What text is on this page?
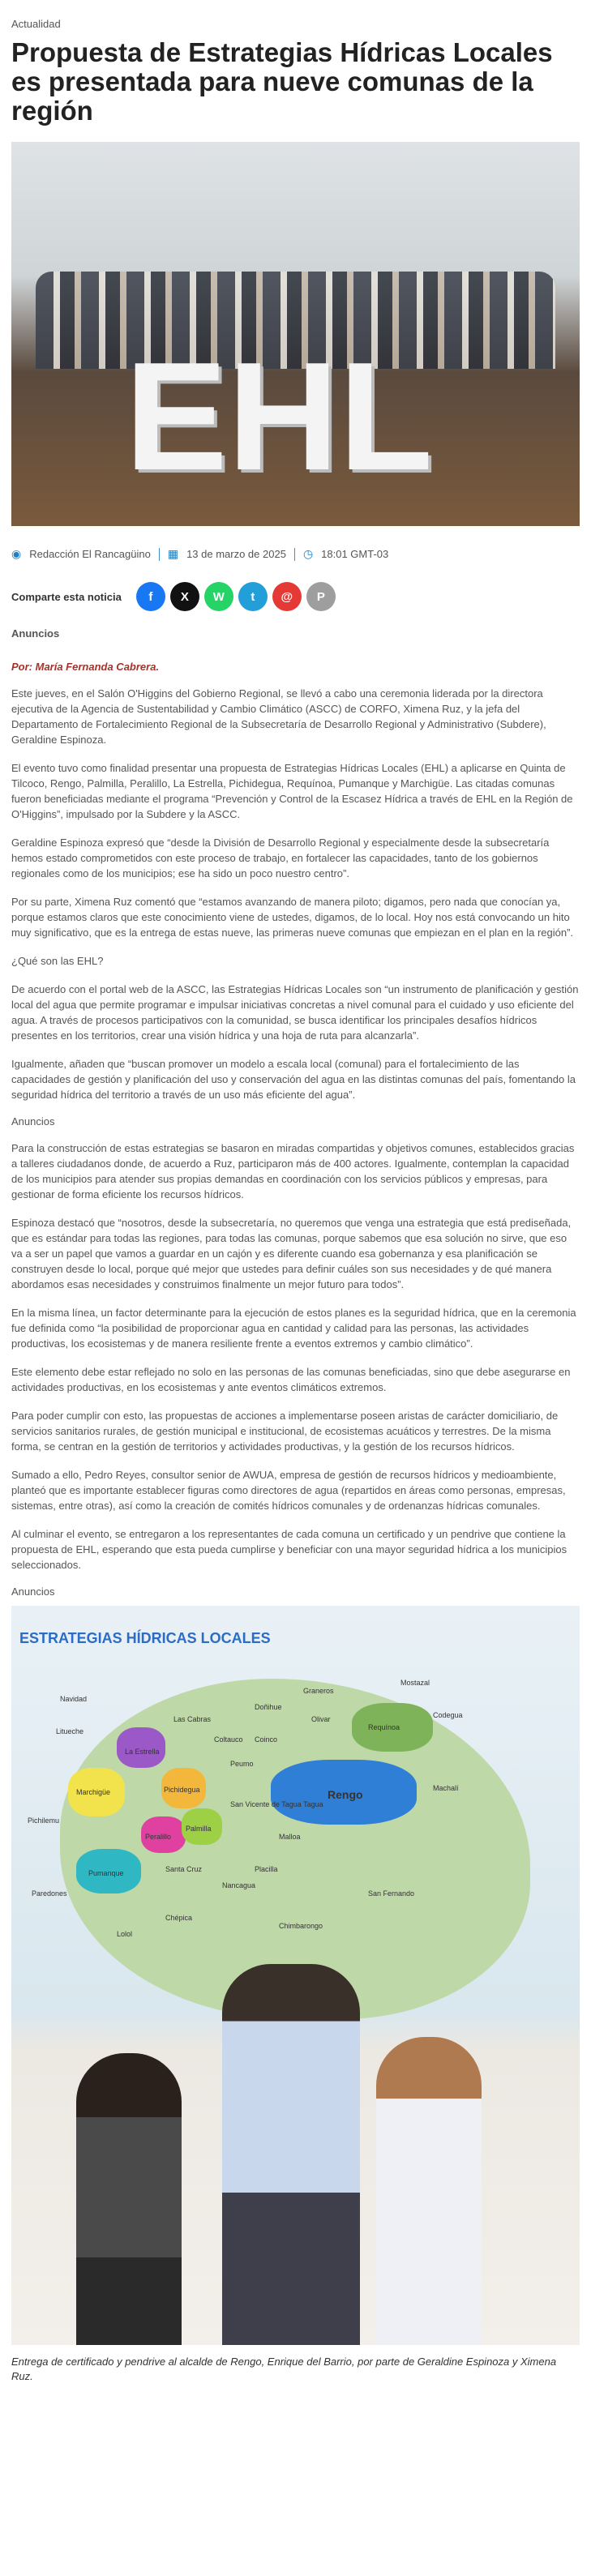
Actualidad
Propuesta de Estrategias Hídricas Locales es presentada para nueve comunas de la región
EHL
◉ Redacción El Rancagüino ▦ 13 de marzo de 2025 ◷ 18:01 GMT-03
Comparte esta noticia	f	X	W	t	@	P
Anuncios
Por: María Fernanda Cabrera.

Este jueves, en el Salón O'Higgins del Gobierno Regional, se llevó a cabo una ceremonia liderada por la directora ejecutiva de la Agencia de Sustentabilidad y Cambio Climático (ASCC) de CORFO, Ximena Ruz, y la jefa del Departamento de Fortalecimiento Regional de la Subsecretaría de Desarrollo Regional y Administrativo (Subdere), Geraldine Espinoza.

El evento tuvo como finalidad presentar una propuesta de Estrategias Hídricas Locales (EHL) a aplicarse en Quinta de Tilcoco, Rengo, Palmilla, Peralillo, La Estrella, Pichidegua, Requínoa, Pumanque y Marchigüe. Las citadas comunas fueron beneficiadas mediante el programa “Prevención y Control de la Escasez Hídrica a través de EHL en la Región de O'Higgins”, impulsado por la Subdere y la ASCC.

Geraldine Espinoza expresó que “desde la División de Desarrollo Regional y especialmente desde la subsecretaría hemos estado comprometidos con este proceso de trabajo, en fortalecer las capacidades, tanto de los gobiernos regionales como de los municipios; ese ha sido un poco nuestro centro”.

Por su parte, Ximena Ruz comentó que “estamos avanzando de manera piloto; digamos, pero nada que conocían ya, porque estamos claros que este conocimiento viene de ustedes, digamos, de lo local. Hoy nos está convocando un hito muy significativo, que es la entrega de estas nueve, las primeras nueve comunas que empiezan en el plan en la región”.

¿Qué son las EHL?

De acuerdo con el portal web de la ASCC, las Estrategias Hídricas Locales son “un instrumento de planificación y gestión local del agua que permite programar e impulsar iniciativas concretas a nivel comunal para el cuidado y uso eficiente del agua. A través de procesos participativos con la comunidad, se busca identificar los principales desafíos hídricos presentes en los territorios, crear una visión hídrica y una hoja de ruta para alcanzarla”.

Igualmente, añaden que “buscan promover un modelo a escala local (comunal) para el fortalecimiento de las capacidades de gestión y planificación del uso y conservación del agua en las distintas comunas del país, fomentando la seguridad hídrica del territorio a través de un uso más eficiente del agua”.

Anuncios

Para la construcción de estas estrategias se basaron en miradas compartidas y objetivos comunes, establecidos gracias a talleres ciudadanos donde, de acuerdo a Ruz, participaron más de 400 actores. Igualmente, contemplan la capacidad de los municipios para atender sus propias demandas en coordinación con los servicios públicos y empresas, para gestionar de forma eficiente los recursos hídricos.

Espinoza destacó que “nosotros, desde la subsecretaría, no queremos que venga una estrategia que está prediseñada, que es estándar para todas las regiones, para todas las comunas, porque sabemos que esa solución no sirve, que eso va a ser un papel que vamos a guardar en un cajón y es diferente cuando esa gobernanza y esa planificación se construyen desde lo local, porque qué mejor que ustedes para definir cuáles son sus necesidades y de qué manera abordamos esas necesidades y construimos finalmente un mejor futuro para todos”.

En la misma línea, un factor determinante para la ejecución de estos planes es la seguridad hídrica, que en la ceremonia fue definida como “la posibilidad de proporcionar agua en cantidad y calidad para las personas, las actividades productivas, los ecosistemas y de manera resiliente frente a eventos extremos y cambio climático”.

Este elemento debe estar reflejado no solo en las personas de las comunas beneficiadas, sino que debe asegurarse en actividades productivas, en los ecosistemas y ante eventos climáticos extremos.

Para poder cumplir con esto, las propuestas de acciones a implementarse poseen aristas de carácter domiciliario, de servicios sanitarios rurales, de gestión municipal e institucional, de ecosistemas acuáticos y terrestres. De la misma forma, se centran en la gestión de territorios y actividades productivas, y la gestión de los recursos hídricos.

Sumado a ello, Pedro Reyes, consultor senior de AWUA, empresa de gestión de recursos hídricos y medioambiente, planteó que es importante establecer figuras como directores de agua (repartidos en áreas como personas, empresas, sistemas, entre otras), así como la creación de comités hídricos comunales y de ordenanzas hídricas comunales.

Al culminar el evento, se entregaron a los representantes de cada comuna un certificado y un pendrive que contiene la propuesta de EHL, esperando que esta pueda cumplirse y beneficiar con una mayor seguridad hídrica a los municipios seleccionados.

Anuncios
ESTRATEGIAS HÍDRICAS LOCALES
Navidad
Litueche
La Estrella
Las Cabras
Marchigüe	Pichidegua
Peumo
Coinco
Rengo
Requínoa
Peralillo
Palmilla
San Vicente de Tagua Tagua
Malloa
Pichilemu
Pumanque
Paredones
Chépica
Santa Cruz	Placilla
Nancagua
Lolol
Chimbarongo
San Fernando
Machalí
Codegua
Mostazal
Graneros
Olivar
Doñihue
Coltauco
Entrega de certificado y pendrive al alcalde de Rengo, Enrique del Barrio, por parte de Geraldine Espinoza y Ximena Ruz.
